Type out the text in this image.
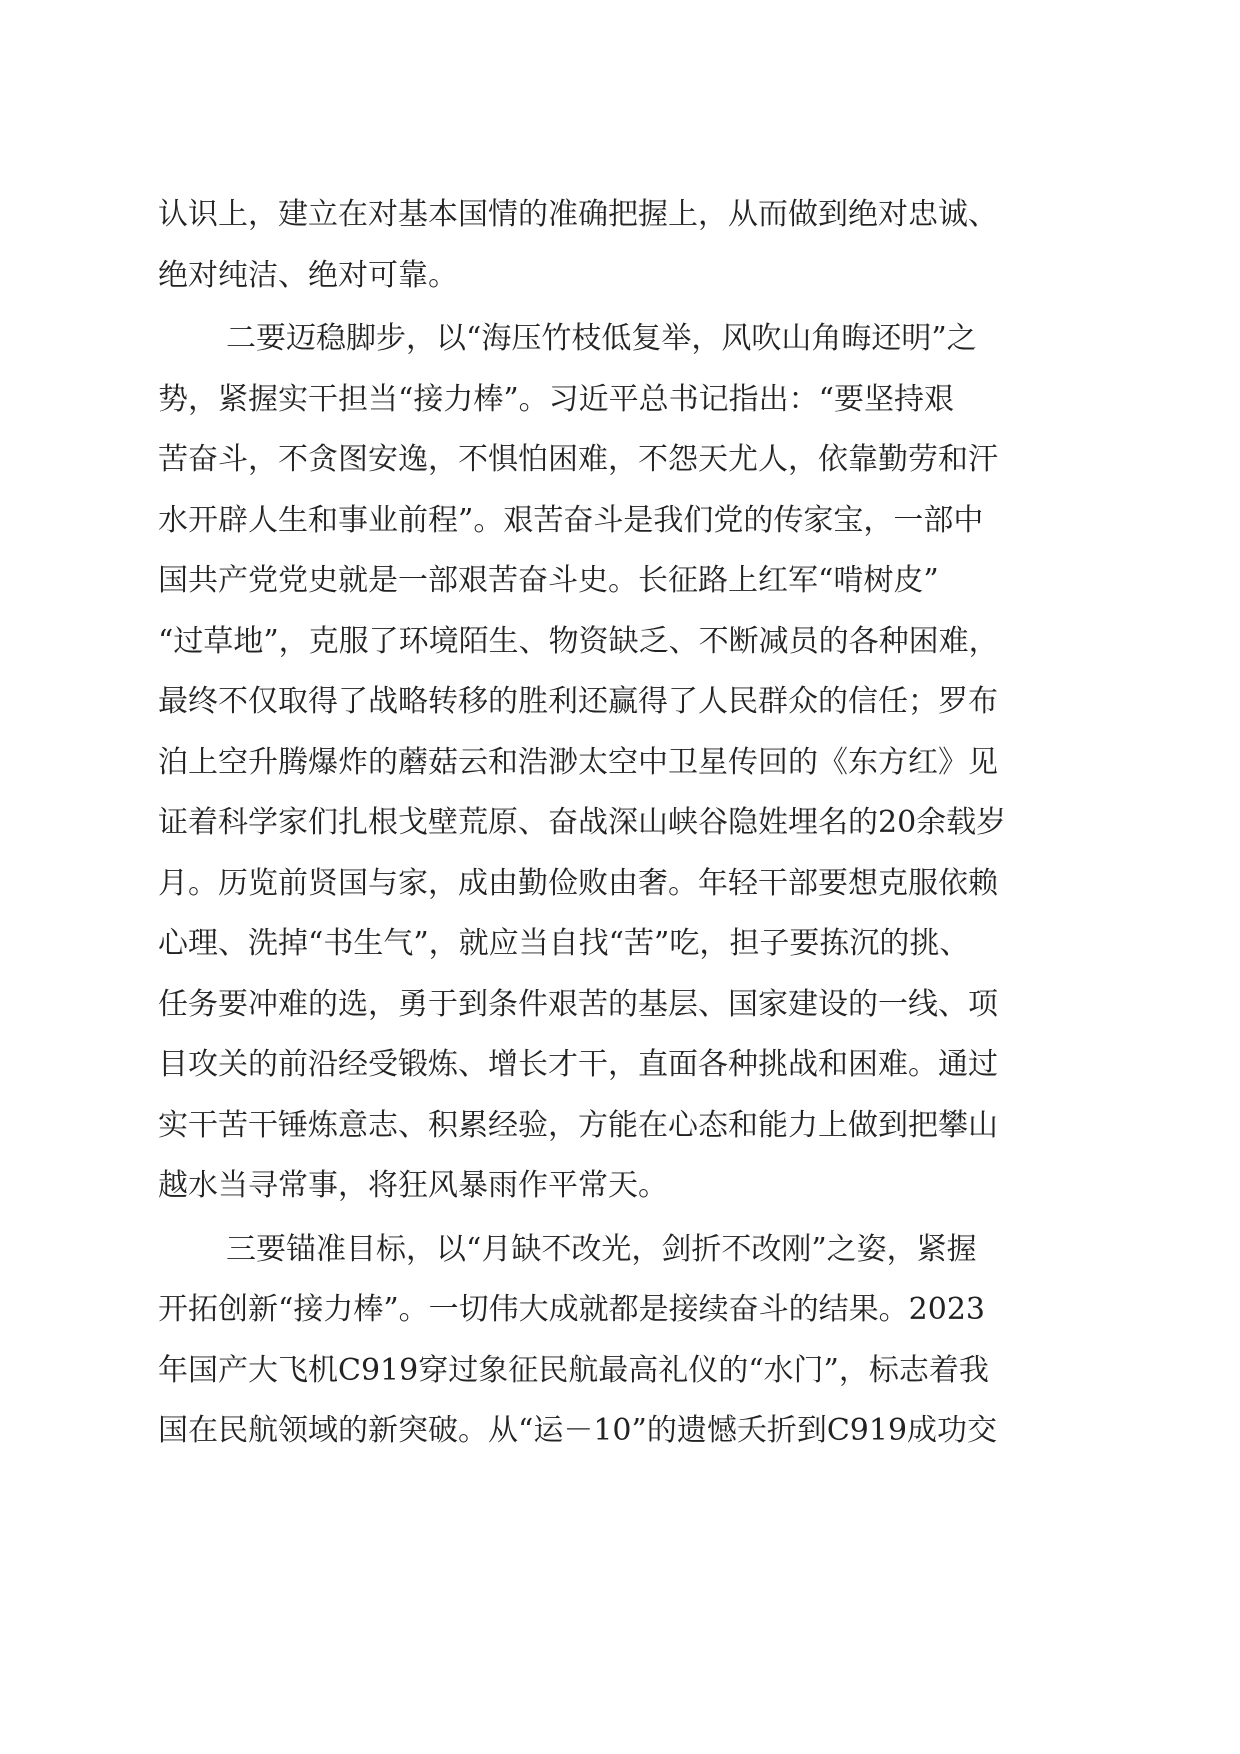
认识上，建立在对基本国情的准确把握上，从而做到绝对忠诚、
绝对纯洁、绝对可靠。
二要迈稳脚步，以“海压竹枝低复举，风吹山角晦还明”之
势，紧握实干担当“接力棒”。习近平总书记指出：“要坚持艰
苦奋斗，不贪图安逸，不惧怕困难，不怨天尤人，依靠勤劳和汗
水开辟人生和事业前程”。艰苦奋斗是我们党的传家宝，一部中
国共产党党史就是一部艰苦奋斗史。长征路上红军“啃树皮”
“过草地”，克服了环境陌生、物资缺乏、不断减员的各种困难，
最终不仅取得了战略转移的胜利还赢得了人民群众的信任；罗布
泊上空升腾爆炸的蘑菇云和浩渺太空中卫星传回的《东方红》见
证着科学家们扎根戈壁荒原、奋战深山峡谷隐姓埋名的20余载岁
月。历览前贤国与家，成由勤俭败由奢。年轻干部要想克服依赖
心理、洗掉“书生气”，就应当自找“苦”吃，担子要拣沉的挑、
任务要冲难的选，勇于到条件艰苦的基层、国家建设的一线、项
目攻关的前沿经受锻炼、增长才干，直面各种挑战和困难。通过
实干苦干锤炼意志、积累经验，方能在心态和能力上做到把攀山
越水当寻常事，将狂风暴雨作平常天。
三要锚准目标，以“月缺不改光，剑折不改刚”之姿，紧握
开拓创新“接力棒”。一切伟大成就都是接续奋斗的结果。2023
年国产大飞机C919穿过象征民航最高礼仪的“水门”，标志着我
国在民航领域的新突破。从“运－10”的遗憾夭折到C919成功交
